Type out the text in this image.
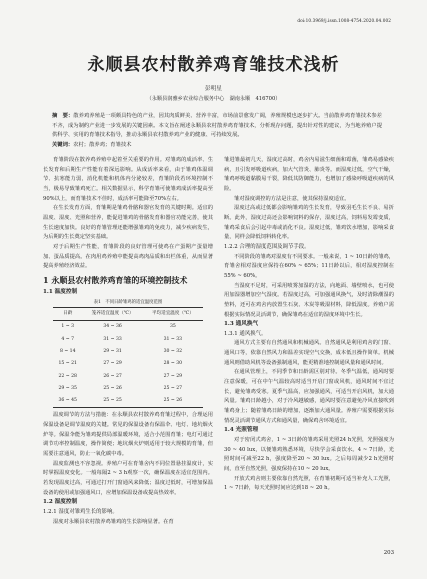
doi:10.3969/j.issn.1008-4754.2020.04.002
永顺县农村散养鸡育雏技术浅析
彭明星
（永顺县润雅乡农业综合服务中心　湖南永顺　416700）
摘　要：散养鸡养殖是一项颇具特色的产业，因其肉质鲜美、营养丰富，市场前景愈发广阔，养殖规模也逐步扩大。当前散养鸡育雏技术参差不齐，成为制约产业进一步发展的关键因素。本文旨在阐述永顺县农村散养鸡育雏技术，分析现存问题，提出针对性的建议，为当地养殖户提供科学、实用的育雏技术指导，推动永顺县农村散养鸡产业的健康、可持续发展。
关键词：农村；散养鸡；育雏技术

育雏阶段在散养鸡养殖中起着至关重要的作用。对雏鸡的成活率、生长发育和后期生产性能有着深远影响。从成活率来看，由于雏鸡体温调节、抗寒能力弱，消化机能和机体内分泌较差，育雏阶段若环境控制不当，极易导致雏鸡死亡。相关数据显示，科学育雏可使雏鸡成活率提高至90%以上，而育雏技术不佳时，成活率可能降至70%左右。

在生长发育方面，育雏期是雏鸡骨骼和器官发育的关键时期。适宜的温度、湿度、光照和营养，能促进雏鸡的骨骼发育和器官功能完善，使其生长速度加快。良好的育雏管理还能增强雏鸡的免疫力，减少疾病发生，为后期的生长奠定坚实基础。

对于后期生产性能，育雏阶段的良好管理可使鸡在产蛋期产蛋量增加、蛋品质提高。在肉用鸡养殖中能提高鸡肉品质和出栏体重，从而显著提高养殖经济效益。

1 永顺县农村散养鸡育雏的环境控制技术

1.1 温度控制

表1　不同日龄雏鸡的适宜温度范围
日龄	笼养适宜温度（℃）	平均适宜温度（℃）
1 ~ 3	34 ~ 36	35
4 ~ 7	31 ~ 33	31 ~ 33
8 ~ 14	29 ~ 31	30 ~ 32
15 ~ 21	27 ~ 29	28 ~ 30
22 ~ 28	26 ~ 27	27 ~ 29
29 ~ 35	25 ~ 26	25 ~ 27
36 ~ 45	25 ~ 25	25 ~ 26

温度调节的方法与措施：在永顺县农村散养鸡育雏过程中，合理运用保温设备是调节温度的关键。常见的保温设备有保温伞、电灯、地坑烟火炉等。保温伞能为雏鸡提供局部温暖环境，适合小范围育雏；电灯可通过调节功率控制温度，操作简便；地坑烟火炉则适用于较大规模的育雏，但需要注意通风，防止一氧化碳中毒。

温度监测也不容忽视。养殖户可在育雏舍内不同位置悬挂温度计，实时掌握温度变化。一般每隔2 ~ 3 h观察一次，确保温度在适宜范围内。若发现温度过高，可通过打开门窗通风来降低；温度过低时，可增加保温设备的使用或加强通风口，应增加保温设备或提高热效率。

1.2 湿度控制

1.2.1 湿度对雏鸡生长的影响。

湿度对永顺县农村散养鸡雏鸡的生长影响显著。在育

雏进雏最初几天，湿度过高时，鸡舍内易滋生细菌和霉菌，雏鸡易感染疾病，且引发呼吸道疾病，加大气管炎、肺炎等。而湿度过低，空气干燥，雏鸡呼吸道黏膜易干裂，降低其防御能力，也增加了感染呼吸道疾病的风险。

雏对湿度调控的方法是注意，使其保持湿度适宜。

湿度过高或过低都会影响雏鸡的生长发育，导致羽毛生长不良、易折断。此外，湿度过高还会影响饲料的保存，湿度过高，饲料易发霉变质，雏鸡采食后会引起中毒或消化不良。湿度过低，雏鸡饮水增加，影响采食量，同样会降低饲料转化率。

1.2.2 合理的湿度范围及调节手段。

不同阶段的雏鸡对湿度有不同要求。一般来说，1 ~ 10日龄的雏鸡，育雏舍相对湿度应保持在60% ~ 65%；11日龄以后，相对湿度控制在55% ~ 60%。

当湿度不足时，可采用喷雾加湿的方法，向地面、墙壁喷水，也可使用加湿器增加空气湿度。若湿度过高，可加强通风换气，及时清除潮湿的垫料，还可在鸡舍内放置生石灰、木炭等吸湿材料，降低湿度。养殖户需根据实际情况灵活调节，确保雏鸡在适宜的湿度环境中生长。

1.3 通风换气

1.3.1 通风换气。

通风方式主要有自然通风和机械通风。自然通风是利用鸡舍的门窗、通风口等，依靠自然风力和温差实现空气交换，成本低且操作简单。机械通风则借助风机等设备强制通风，能更精准地控制通风量和通风时间。

在通风管理上，不同季节和日龄需区别对待。冬季气温低，通风时要注意保暖，可在中午气温较高时适当开启门窗或风机，通风时间不宜过长，避免雏鸡受寒。夏季气温高，应加强通风，可适当开启风机，加大通风量。雏鸡日龄越小，对于冷风越敏感，通风时要注意避免冷风直接吹到雏鸡身上；随着雏鸡日龄的增加，逐渐加大通风量。养殖户需要根据实际情况灵活调节通风方式和通风量，确保鸡舍环境适宜。

1.4 光照管理

对于密闭式鸡舍，1 ~ 3日龄的雏鸡采用光照24 h光照，光照强度为30 ~ 40 lux，以便雏鸡熟悉环境，尽快学会采食饮水。4 ~ 7日龄，光照时间可减至22 h，强度降至20 ~ 30 lux。之后每周减少2 h光照时间，直至自然光照，强度保持在10 ~ 20 lux。

开放式鸡舍则主要依靠自然光照，在育雏初期可适当补充人工光照，1 ~ 7日龄，每天光照时间应达到18 ~ 20 h。

203
